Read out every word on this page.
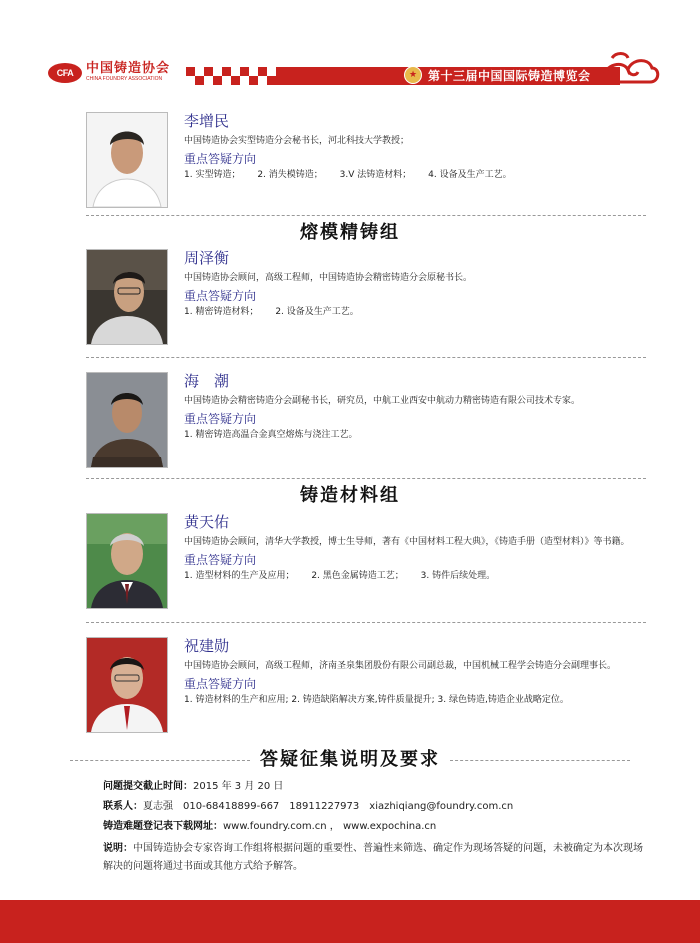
CFA 中国铸造协会
CHINA FOUNDRY ASSOCIATION	★ 第十三届中国国际铸造博览会
李增民
中国铸造协会实型铸造分会秘书长，河北科技大学教授；
重点答疑方向
1. 实型铸造； 2. 消失模铸造； 3.V 法铸造材料； 4. 设备及生产工艺。
熔模精铸组
周泽衡
中国铸造协会顾问，高级工程师，中国铸造协会精密铸造分会原秘书长。
重点答疑方向
1. 精密铸造材料； 2. 设备及生产工艺。
海　潮
中国铸造协会精密铸造分会副秘书长，研究员，中航工业西安中航动力精密铸造有限公司技术专家。
重点答疑方向
1. 精密铸造高温合金真空熔炼与浇注工艺。
铸造材料组
黄天佑
中国铸造协会顾问，清华大学教授，博士生导师，著有《中国材料工程大典》，《铸造手册（造型材料）》等书籍。
重点答疑方向
1. 造型材料的生产及应用； 2. 黑色金属铸造工艺； 3. 铸件后续处理。
祝建勋
中国铸造协会顾问，高级工程师，济南圣泉集团股份有限公司副总裁，中国机械工程学会铸造分会副理事长。
重点答疑方向
1. 铸造材料的生产和应用; 2. 铸造缺陷解决方案,铸件质量提升; 3. 绿色铸造,铸造企业战略定位。
答疑征集说明及要求
问题提交截止时间：2015 年 3 月 20 日
联系人：夏志强　010-68418899-667　18911227973　xiazhiqiang@foundry.com.cn
铸造难题登记表下载网址：www.foundry.com.cn ， www.expochina.cn
说明：中国铸造协会专家咨询工作组将根据问题的重要性、普遍性来筛选、确定作为现场答疑的问题，未被确定为本次现场解决的问题将通过书面或其他方式给予解答。
